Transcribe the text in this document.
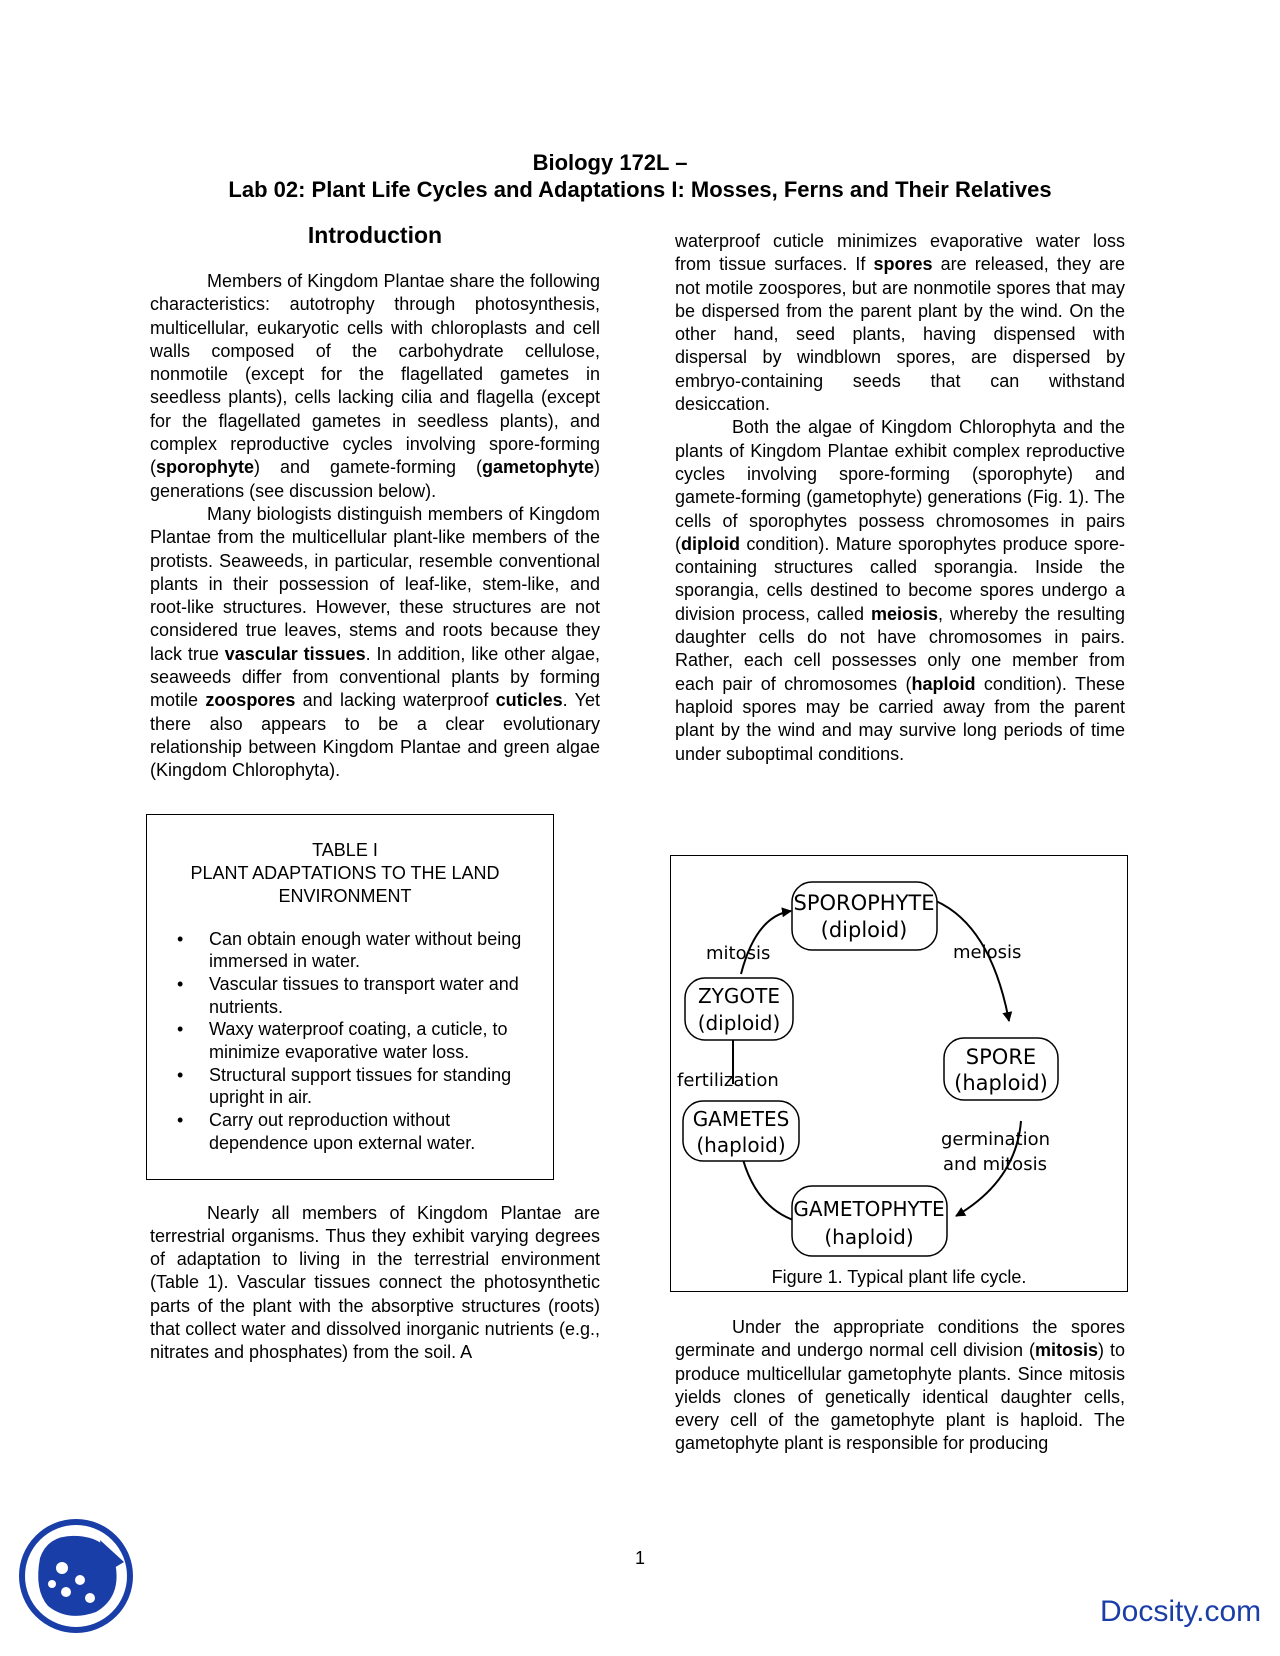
Biology 172L –
Lab 02: Plant Life Cycles and Adaptations I: Mosses, Ferns and Their Relatives
Introduction

Members of Kingdom Plantae share the following characteristics: autotrophy through photosynthesis, multicellular, eukaryotic cells with chloroplasts and cell walls composed of the carbohydrate cellulose, nonmotile (except for the flagellated gametes in seedless plants), cells lacking cilia and flagella (except for the flagellated gametes in seedless plants), and complex reproductive cycles involving spore-forming (sporophyte) and gamete-forming (gametophyte) generations (see discussion below).

Many biologists distinguish members of Kingdom Plantae from the multicellular plant-like members of the protists. Seaweeds, in particular, resemble conventional plants in their possession of leaf-like, stem-like, and root-like structures. However, these structures are not considered true leaves, stems and roots because they lack true vascular tissues. In addition, like other algae, seaweeds differ from conventional plants by forming motile zoospores and lacking waterproof cuticles. Yet there also appears to be a clear evolutionary relationship between Kingdom Plantae and green algae (Kingdom Chlorophyta).

TABLE I
PLANT ADAPTATIONS TO THE LAND ENVIRONMENT
• Can obtain enough water without being immersed in water.
• Vascular tissues to transport water and nutrients.
• Waxy waterproof coating, a cuticle, to minimize evaporative water loss.
• Structural support tissues for standing upright in air.
• Carry out reproduction without dependence upon external water.

Nearly all members of Kingdom Plantae are terrestrial organisms. Thus they exhibit varying degrees of adaptation to living in the terrestrial environment (Table 1). Vascular tissues connect the photosynthetic parts of the plant with the absorptive structures (roots) that collect water and dissolved inorganic nutrients (e.g., nitrates and phosphates) from the soil. A

waterproof cuticle minimizes evaporative water loss from tissue surfaces. If spores are released, they are not motile zoospores, but are nonmotile spores that may be dispersed from the parent plant by the wind. On the other hand, seed plants, having dispensed with dispersal by windblown spores, are dispersed by embryo-containing seeds that can withstand desiccation.

Both the algae of Kingdom Chlorophyta and the plants of Kingdom Plantae exhibit complex reproductive cycles involving spore-forming (sporophyte) and gamete-forming (gametophyte) generations (Fig. 1). The cells of sporophytes possess chromosomes in pairs (diploid condition). Mature sporophytes produce spore-containing structures called sporangia. Inside the sporangia, cells destined to become spores undergo a division process, called meiosis, whereby the resulting daughter cells do not have chromosomes in pairs. Rather, each cell possesses only one member from each pair of chromosomes (haploid condition). These haploid spores may be carried away from the parent plant by the wind and may survive long periods of time under suboptimal conditions.

SPOROPHYTE
(diploid)
SPORE
(haploid)
GAMETOPHYTE
(haploid)
GAMETES
(haploid)
ZYGOTE
(diploid)
meiosis
germination
and mitosis
fertilization
mitosis
Figure 1. Typical plant life cycle.

Under the appropriate conditions the spores germinate and undergo normal cell division (mitosis) to produce multicellular gametophyte plants. Since mitosis yields clones of genetically identical daughter cells, every cell of the gametophyte plant is haploid. The gametophyte plant is responsible for producing

1
Docsity.com
